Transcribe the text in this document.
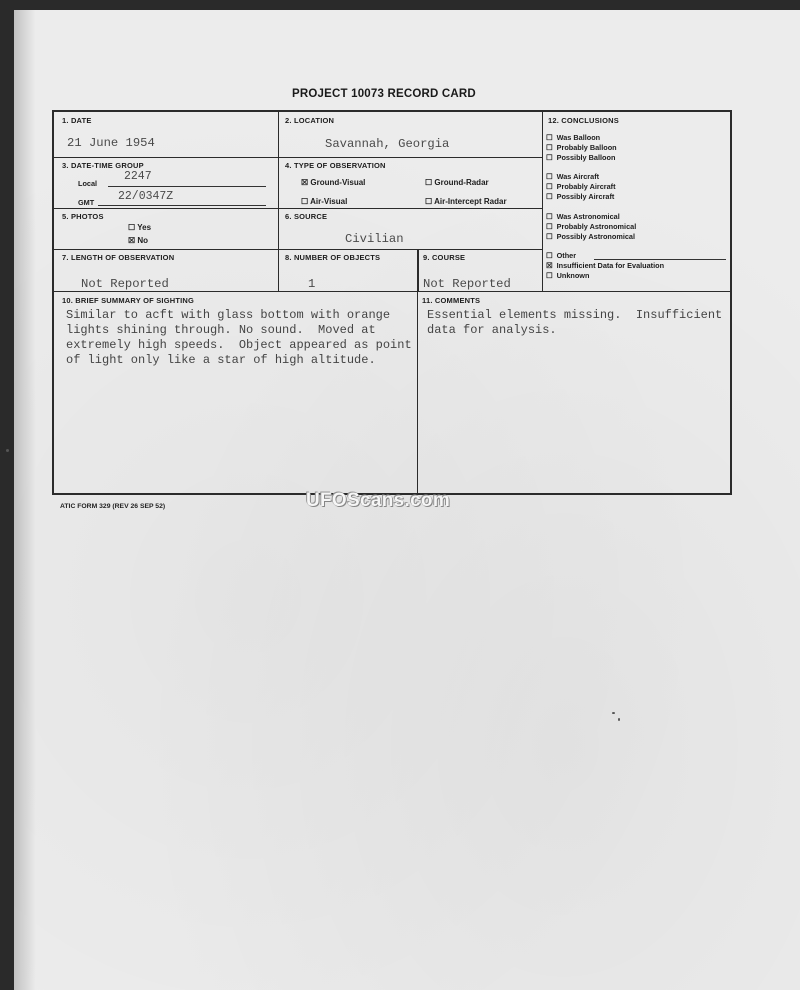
PROJECT 10073 RECORD CARD
1. DATE
21 June 1954
2. LOCATION
Savannah, Georgia
3. DATE-TIME GROUP
Local
2247
GMT 22/0347Z
4. TYPE OF OBSERVATION
☒ Ground-Visual	☐ Ground-Radar
☐ Air-Visual	☐ Air-Intercept Radar
5. PHOTOS
☐ Yes
☒ No
6. SOURCE
Civilian
7. LENGTH OF OBSERVATION
Not Reported
8. NUMBER OF OBJECTS
1
9. COURSE
Not Reported
10. BRIEF SUMMARY OF SIGHTING
Similar to acft with glass bottom with orange
lights shining through. No sound.  Moved at
extremely high speeds.  Object appeared as point
of light only like a star of high altitude.
11. COMMENTS
Essential elements missing.  Insufficient
data for analysis.
12. CONCLUSIONS
☐ Was Balloon
☐ Probably Balloon
☐ Possibly Balloon
☐ Was Aircraft
☐ Probably Aircraft
☐ Possibly Aircraft
☐ Was Astronomical
☐ Probably Astronomical
☐ Possibly Astronomical
☐ Other
☒ Insufficient Data for Evaluation
☐ Unknown
ATIC FORM 329 (REV 26 SEP 52)	UFOScans.com
